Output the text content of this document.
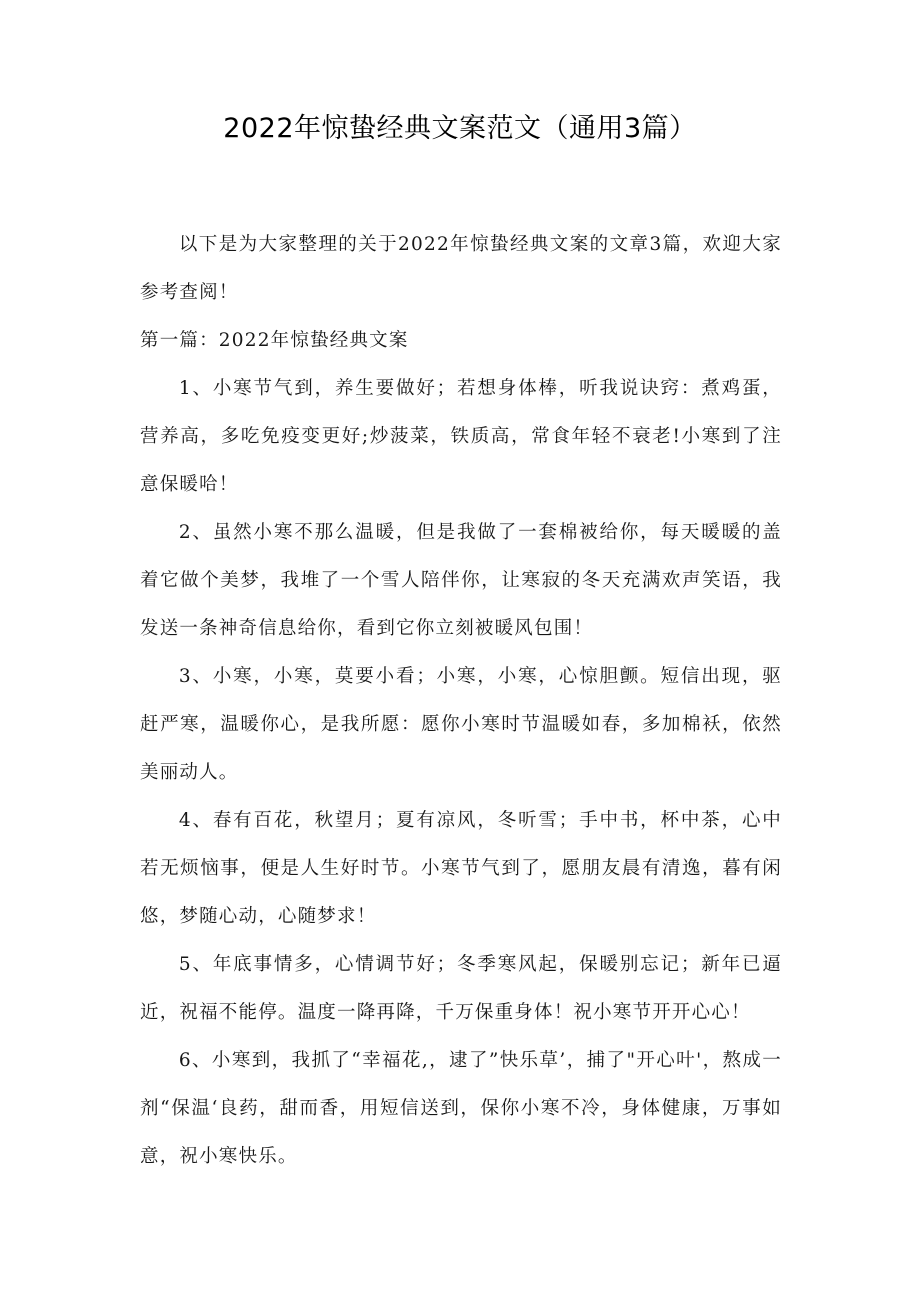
2022年惊蛰经典文案范文（通用3篇）

以下是为大家整理的关于2022年惊蛰经典文案的文章3篇，欢迎大家参考查阅！

第一篇：2022年惊蛰经典文案

1、小寒节气到，养生要做好；若想身体棒，听我说诀窍：煮鸡蛋，营养高，多吃免疫变更好;炒菠菜，铁质高，常食年轻不衰老!小寒到了注意保暖哈！

2、虽然小寒不那么温暖，但是我做了一套棉被给你，每天暖暖的盖着它做个美梦，我堆了一个雪人陪伴你，让寒寂的冬天充满欢声笑语，我发送一条神奇信息给你，看到它你立刻被暖风包围！

3、小寒，小寒，莫要小看；小寒，小寒，心惊胆颤。短信出现，驱赶严寒，温暖你心，是我所愿：愿你小寒时节温暖如春，多加棉袄，依然美丽动人。

4、春有百花，秋望月；夏有凉风，冬听雪；手中书，杯中茶，心中若无烦恼事，便是人生好时节。小寒节气到了，愿朋友晨有清逸，暮有闲悠，梦随心动，心随梦求！

5、年底事情多，心情调节好；冬季寒风起，保暖别忘记；新年已逼近，祝福不能停。温度一降再降，千万保重身体！祝小寒节开开心心！

6、小寒到，我抓了“幸福花,，逮了”快乐草’，捕了"开心叶'，熬成一剂“保温‘良药，甜而香，用短信送到，保你小寒不冷，身体健康，万事如意，祝小寒快乐。
